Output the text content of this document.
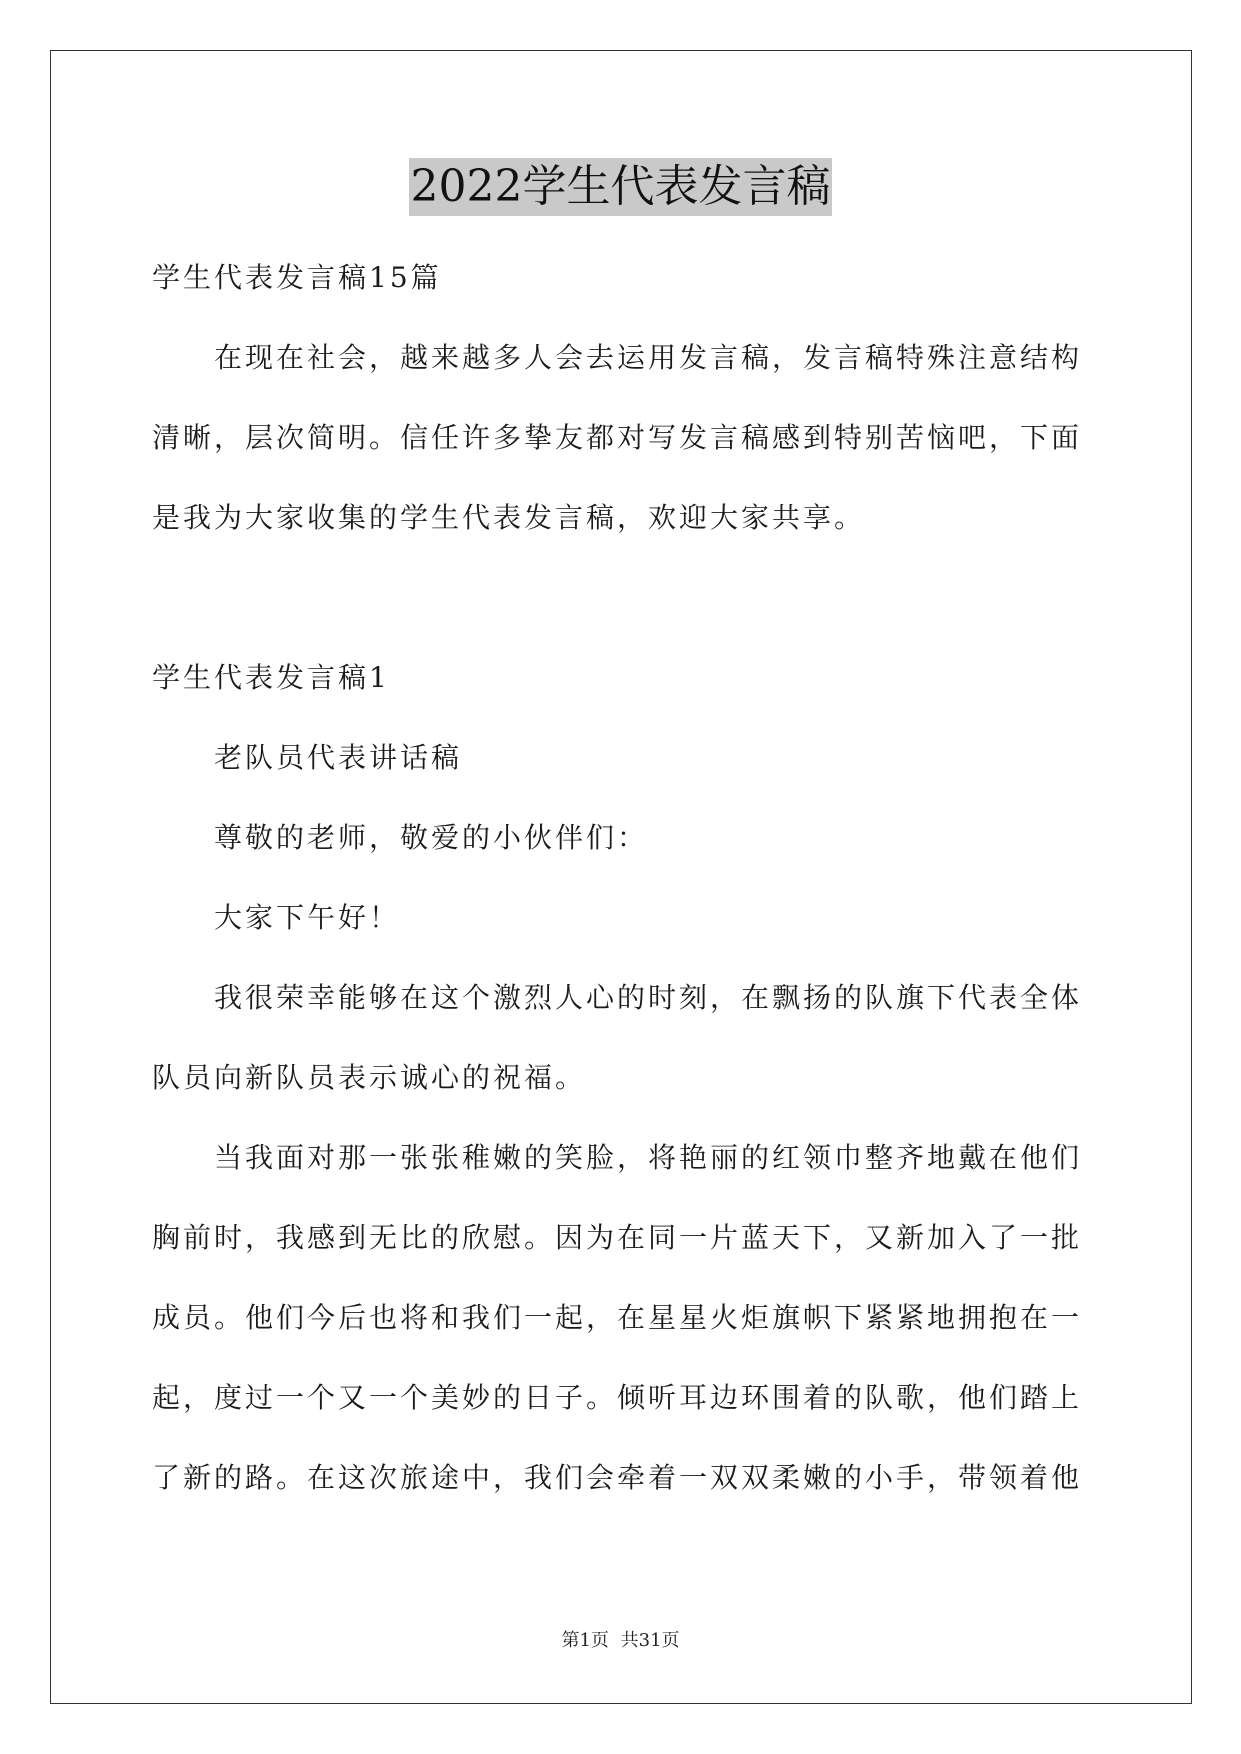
2022学生代表发言稿

学生代表发言稿15篇

在现在社会，越来越多人会去运用发言稿，发言稿特殊注意结构清晰，层次简明。信任许多挚友都对写发言稿感到特别苦恼吧，下面是我为大家收集的学生代表发言稿，欢迎大家共享。

学生代表发言稿1

老队员代表讲话稿

尊敬的老师，敬爱的小伙伴们：

大家下午好！

我很荣幸能够在这个激烈人心的时刻，在飘扬的队旗下代表全体队员向新队员表示诚心的祝福。

当我面对那一张张稚嫩的笑脸，将艳丽的红领巾整齐地戴在他们胸前时，我感到无比的欣慰。因为在同一片蓝天下，又新加入了一批成员。他们今后也将和我们一起，在星星火炬旗帜下紧紧地拥抱在一起，度过一个又一个美妙的日子。倾听耳边环围着的队歌，他们踏上了新的路。在这次旅途中，我们会牵着一双双柔嫩的小手，带领着他

第1页 共31页
